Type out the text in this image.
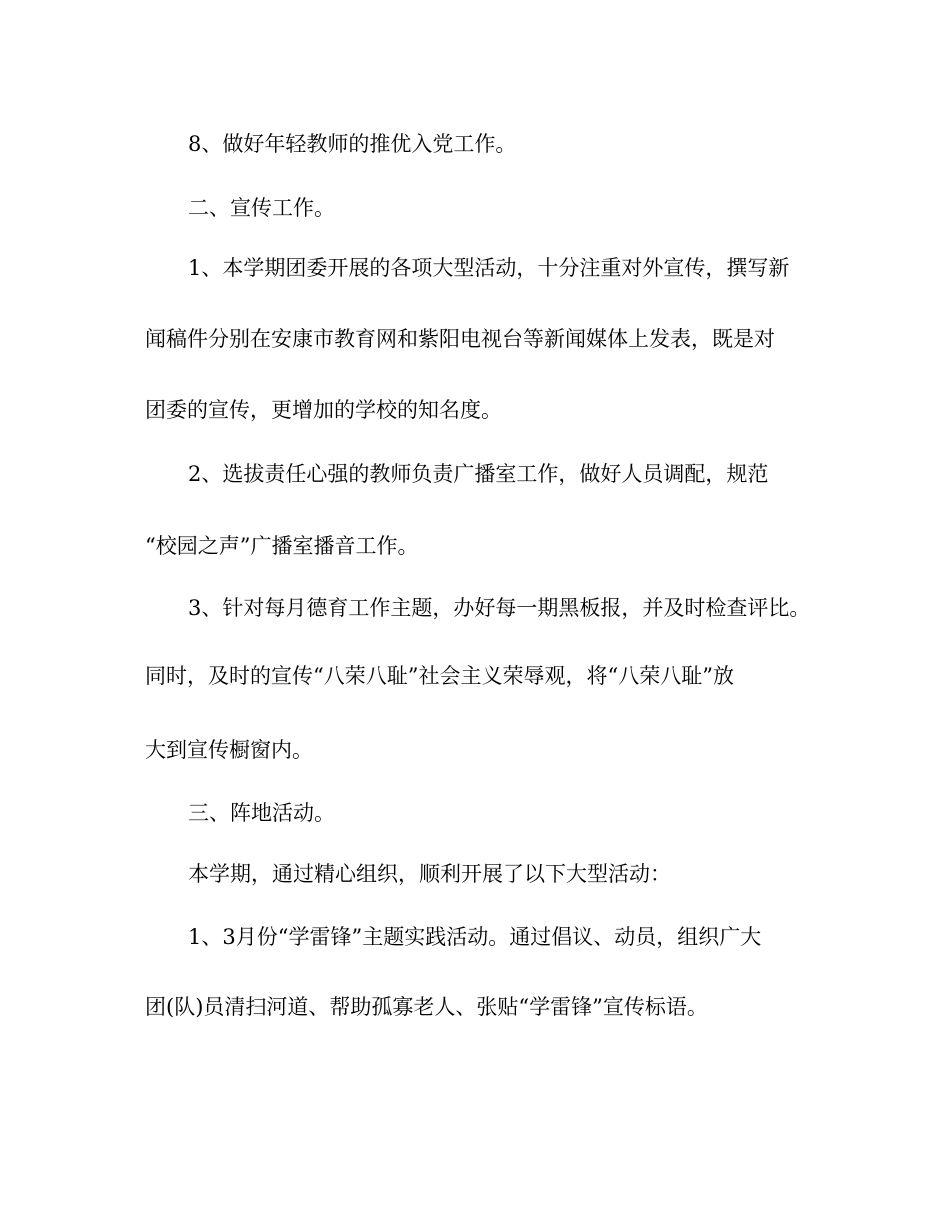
8、做好年轻教师的推优入党工作。
二、宣传工作。
1、本学期团委开展的各项大型活动，十分注重对外宣传，撰写新
闻稿件分别在安康市教育网和紫阳电视台等新闻媒体上发表，既是对
团委的宣传，更增加的学校的知名度。
2、选拔责任心强的教师负责广播室工作，做好人员调配，规范
“校园之声”广播室播音工作。
3、针对每月德育工作主题，办好每一期黑板报，并及时检查评比。
同时，及时的宣传“八荣八耻”社会主义荣辱观，将“八荣八耻”放
大到宣传橱窗内。
三、阵地活动。
本学期，通过精心组织，顺利开展了以下大型活动：
1、3月份“学雷锋”主题实践活动。通过倡议、动员，组织广大
团(队)员清扫河道、帮助孤寡老人、张贴“学雷锋”宣传标语。
